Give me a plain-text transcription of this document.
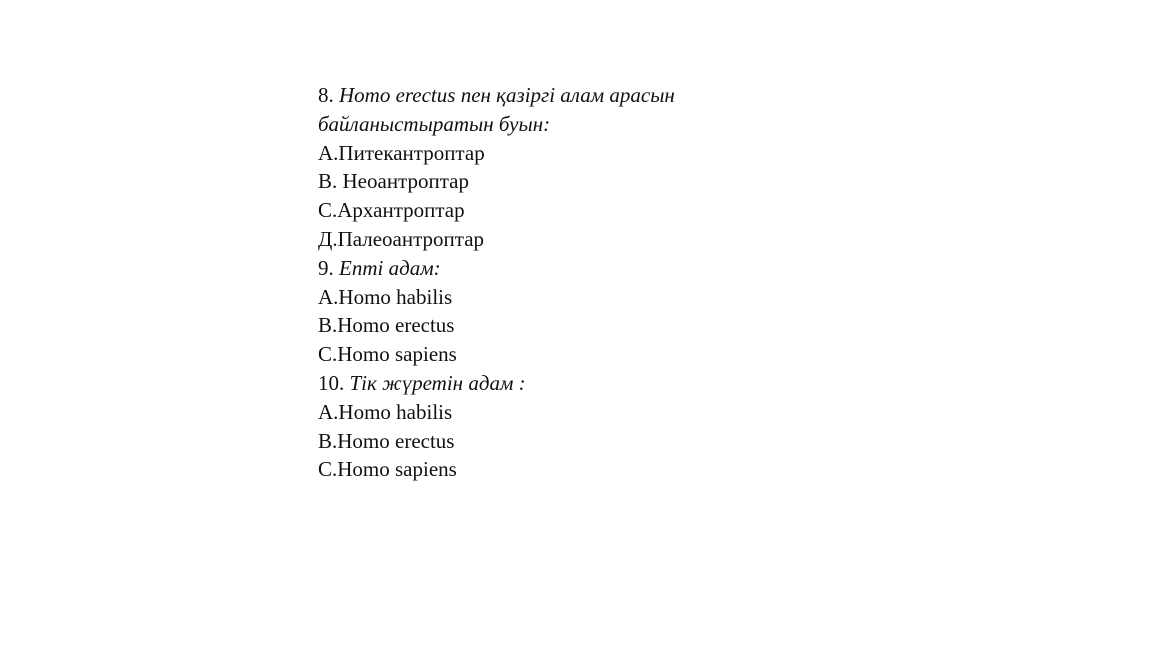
8. Homo erectus пен қазіргі алам арасын
байланыстыратын буын:
А.Питекантроптар
В. Неоантроптар
С.Архантроптар
Д.Палеоантроптар
9. Епті адам:
A.Homo habilis
B.Homo erectus
C.Homo sapiens
10. Тік жүретін адам :
A.Homo habilis
B.Homo erectus
C.Homo sapiens
